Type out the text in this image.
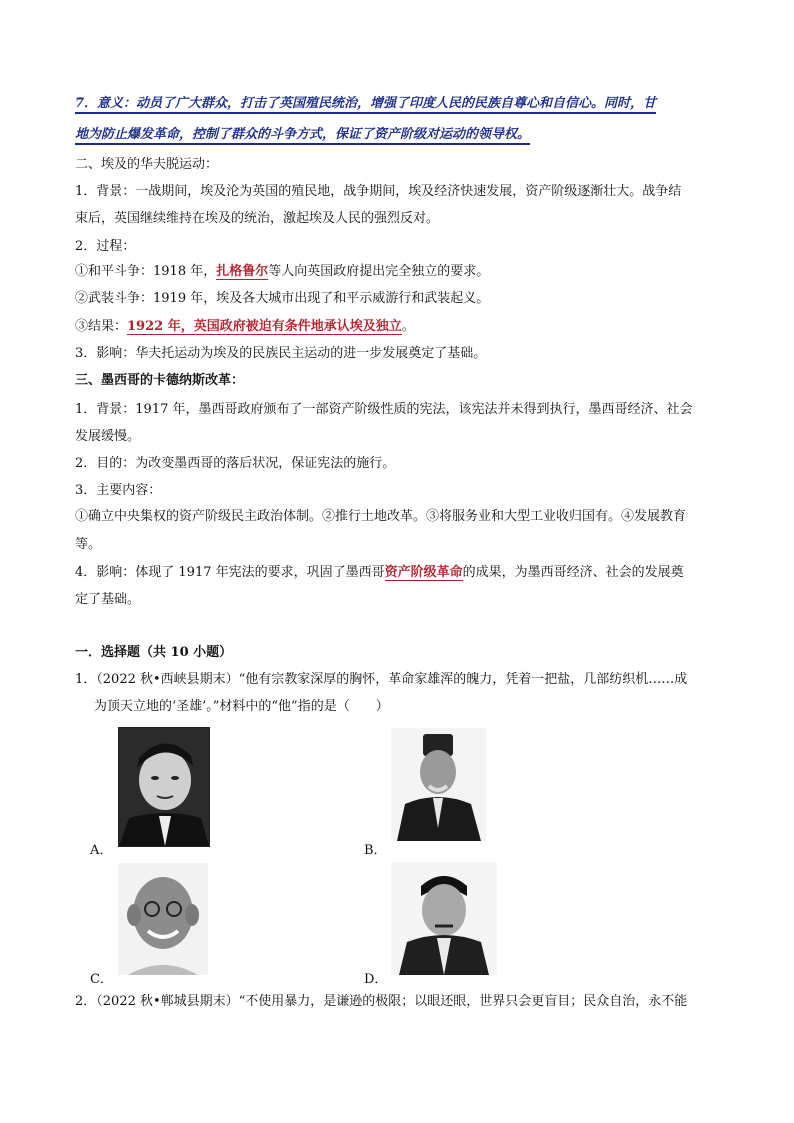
7．意义：动员了广大群众，打击了英国殖民统治，增强了印度人民的民族自尊心和自信心。同时，甘
地为防止爆发革命，控制了群众的斗争方式，保证了资产阶级对运动的领导权。
二、埃及的华夫脱运动：
1．背景：一战期间，埃及沦为英国的殖民地，战争期间，埃及经济快速发展，资产阶级逐渐壮大。战争结
束后，英国继续维持在埃及的统治，激起埃及人民的强烈反对。
2．过程：
①和平斗争：1918 年，扎格鲁尔等人向英国政府提出完全独立的要求。
②武装斗争：1919 年，埃及各大城市出现了和平示威游行和武装起义。
③结果：1922 年，英国政府被迫有条件地承认埃及独立。
3．影响：华夫托运动为埃及的民族民主运动的进一步发展奠定了基础。
三、墨西哥的卡德纳斯改革：
1．背景：1917 年，墨西哥政府颁布了一部资产阶级性质的宪法，该宪法并未得到执行，墨西哥经济、社会
发展缓慢。
2．目的：为改变墨西哥的落后状况，保证宪法的施行。
3．主要内容：
①确立中央集权的资产阶级民主政治体制。②推行土地改革。③将服务业和大型工业收归国有。④发展教育
等。
4．影响：体现了 1917 年宪法的要求，巩固了墨西哥资产阶级革命的成果，为墨西哥经济、社会的发展奠
定了基础。
一．选择题（共 10 小题）
1．（2022 秋•西峡县期末）“他有宗教家深厚的胸怀，革命家雄浑的魄力，凭着一把盐，几部纺织机……成
为顶天立地的‘圣雄’。”材料中的“他”指的是（　　）
A．	B．
C．	D．
2．（2022 秋•郸城县期末）“不使用暴力，是谦逊的极限；以眼还眼，世界只会更盲目；民众自治，永不能
